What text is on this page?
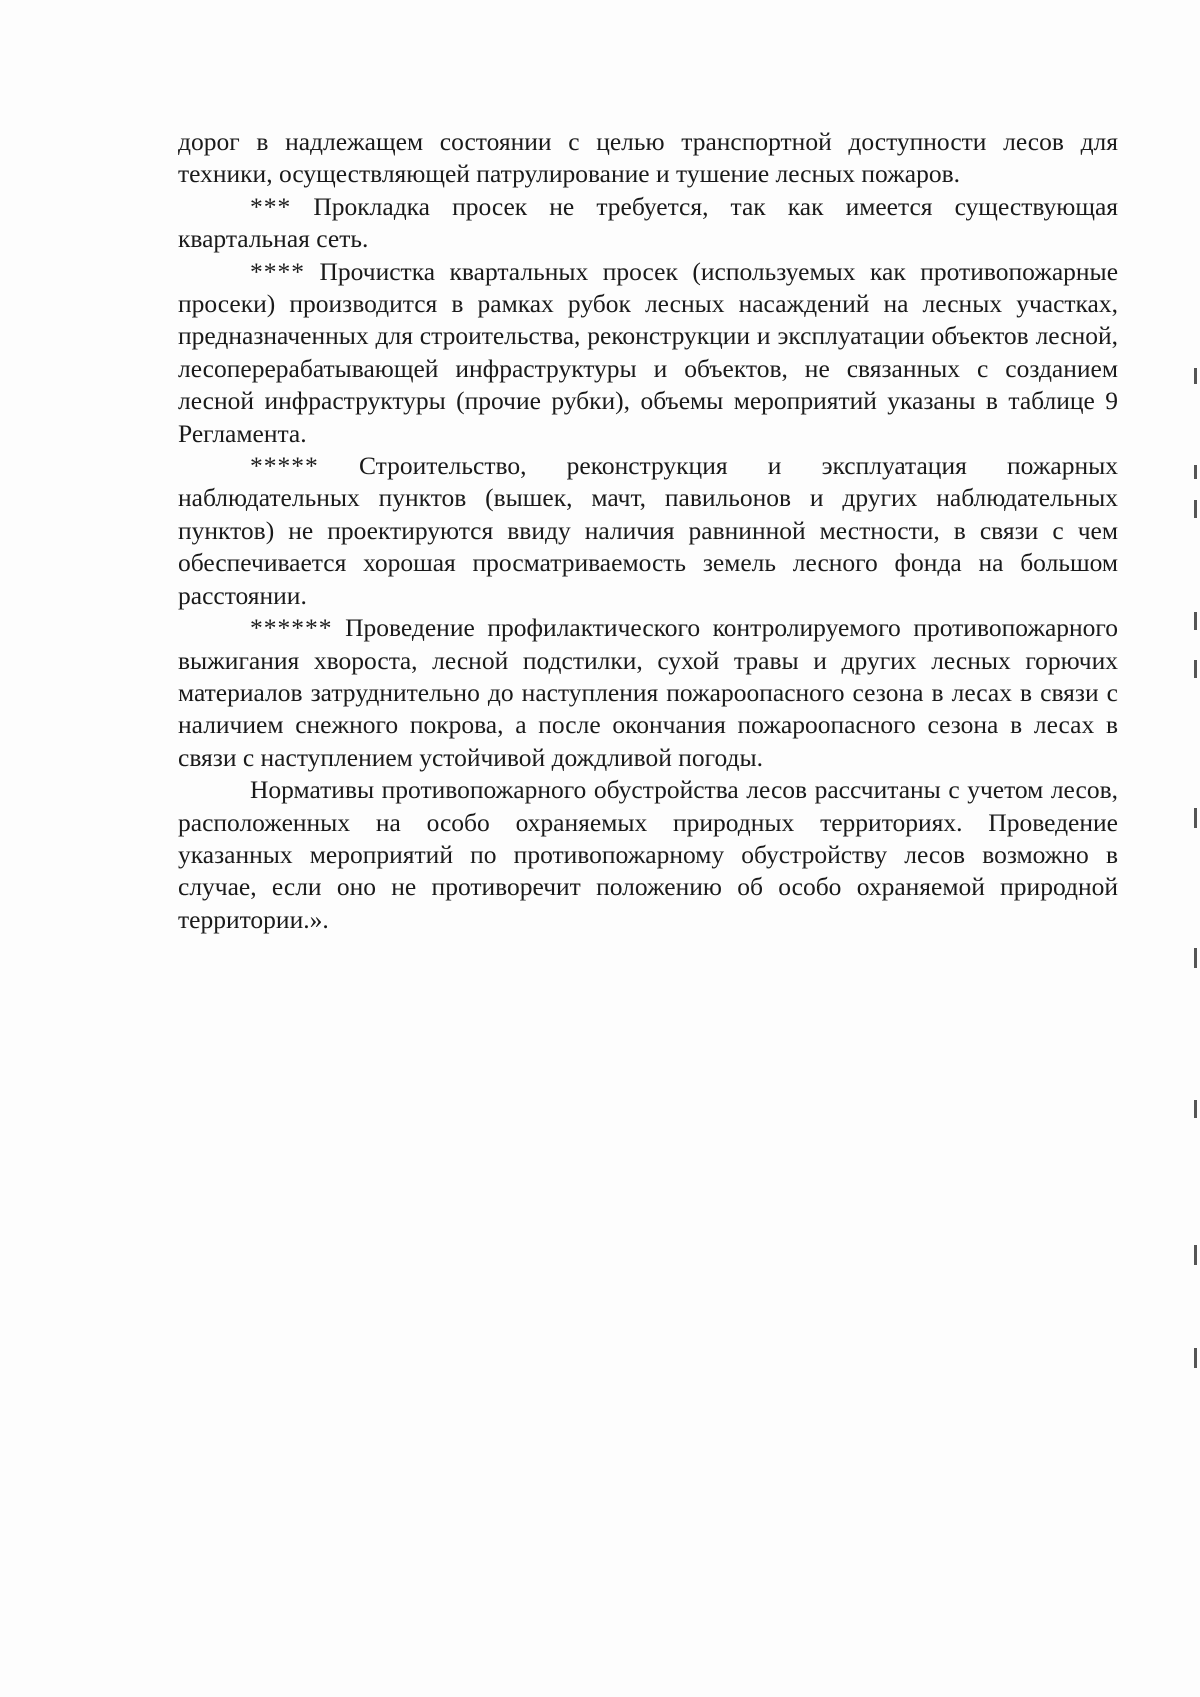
дорог в надлежащем состоянии с целью транспортной доступности лесов для техники, осуществляющей патрулирование и тушение лесных пожаров.

*** Прокладка просек не требуется, так как имеется существующая квартальная сеть.

**** Прочистка квартальных просек (используемых как противопожарные просеки) производится в рамках рубок лесных насаждений на лесных участках, предназначенных для строительства, реконструкции и эксплуатации объектов лесной, лесоперерабатывающей инфраструктуры и объектов, не связанных с созданием лесной инфраструктуры (прочие рубки), объемы мероприятий указаны в таблице 9 Регламента.

***** Строительство, реконструкция и эксплуатация пожарных наблюдательных пунктов (вышек, мачт, павильонов и других наблюдательных пунктов) не проектируются ввиду наличия равнинной местности, в связи с чем обеспечивается хорошая просматриваемость земель лесного фонда на большом расстоянии.

****** Проведение профилактического контролируемого противопожарного выжигания хворостa, лесной подстилки, сухой травы и других лесных горючих материалов затруднительно до наступления пожароопасного сезона в лесах в связи с наличием снежного покрова, а после окончания пожароопасного сезона в лесах в связи с наступлением устойчивой дождливой погоды.

Нормативы противопожарного обустройства лесов рассчитаны с учетом лесов, расположенных на особо охраняемых природных территориях. Проведение указанных мероприятий по противопожарному обустройству лесов возможно в случае, если оно не противоречит положению об особо охраняемой природной территории.».
